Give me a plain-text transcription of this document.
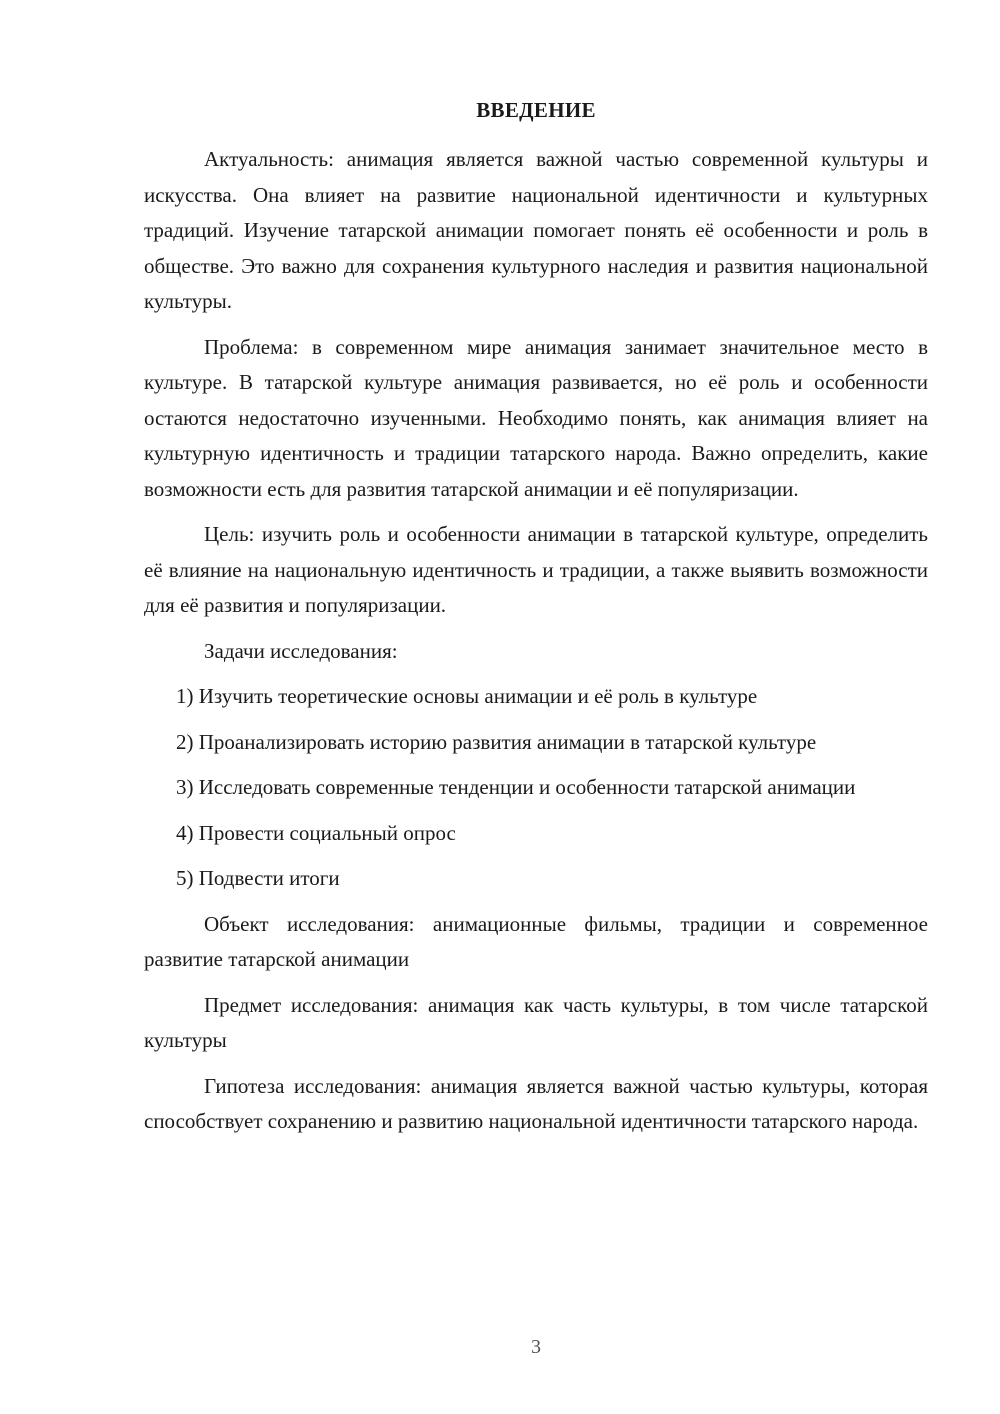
ВВЕДЕНИЕ

Актуальность: анимация является важной частью современной культуры и искусства. Она влияет на развитие национальной идентичности и культурных традиций. Изучение татарской анимации помогает понять её особенности и роль в обществе. Это важно для сохранения культурного наследия и развития национальной культуры.

Проблема: в современном мире анимация занимает значительное место в культуре. В татарской культуре анимация развивается, но её роль и особенности остаются недостаточно изученными. Необходимо понять, как анимация влияет на культурную идентичность и традиции татарского народа. Важно определить, какие возможности есть для развития татарской анимации и её популяризации.

Цель: изучить роль и особенности анимации в татарской культуре, определить её влияние на национальную идентичность и традиции, а также выявить возможности для её развития и популяризации.

Задачи исследования:

1) Изучить теоретические основы анимации и её роль в культуре

2) Проанализировать историю развития анимации в татарской культуре

3) Исследовать современные тенденции и особенности татарской анимации

4) Провести социальный опрос

5) Подвести итоги

Объект исследования: анимационные фильмы, традиции и современное развитие татарской анимации

Предмет исследования: анимация как часть культуры, в том числе татарской культуры

Гипотеза исследования: анимация является важной частью культуры, которая способствует сохранению и развитию национальной идентичности татарского народа.

3
